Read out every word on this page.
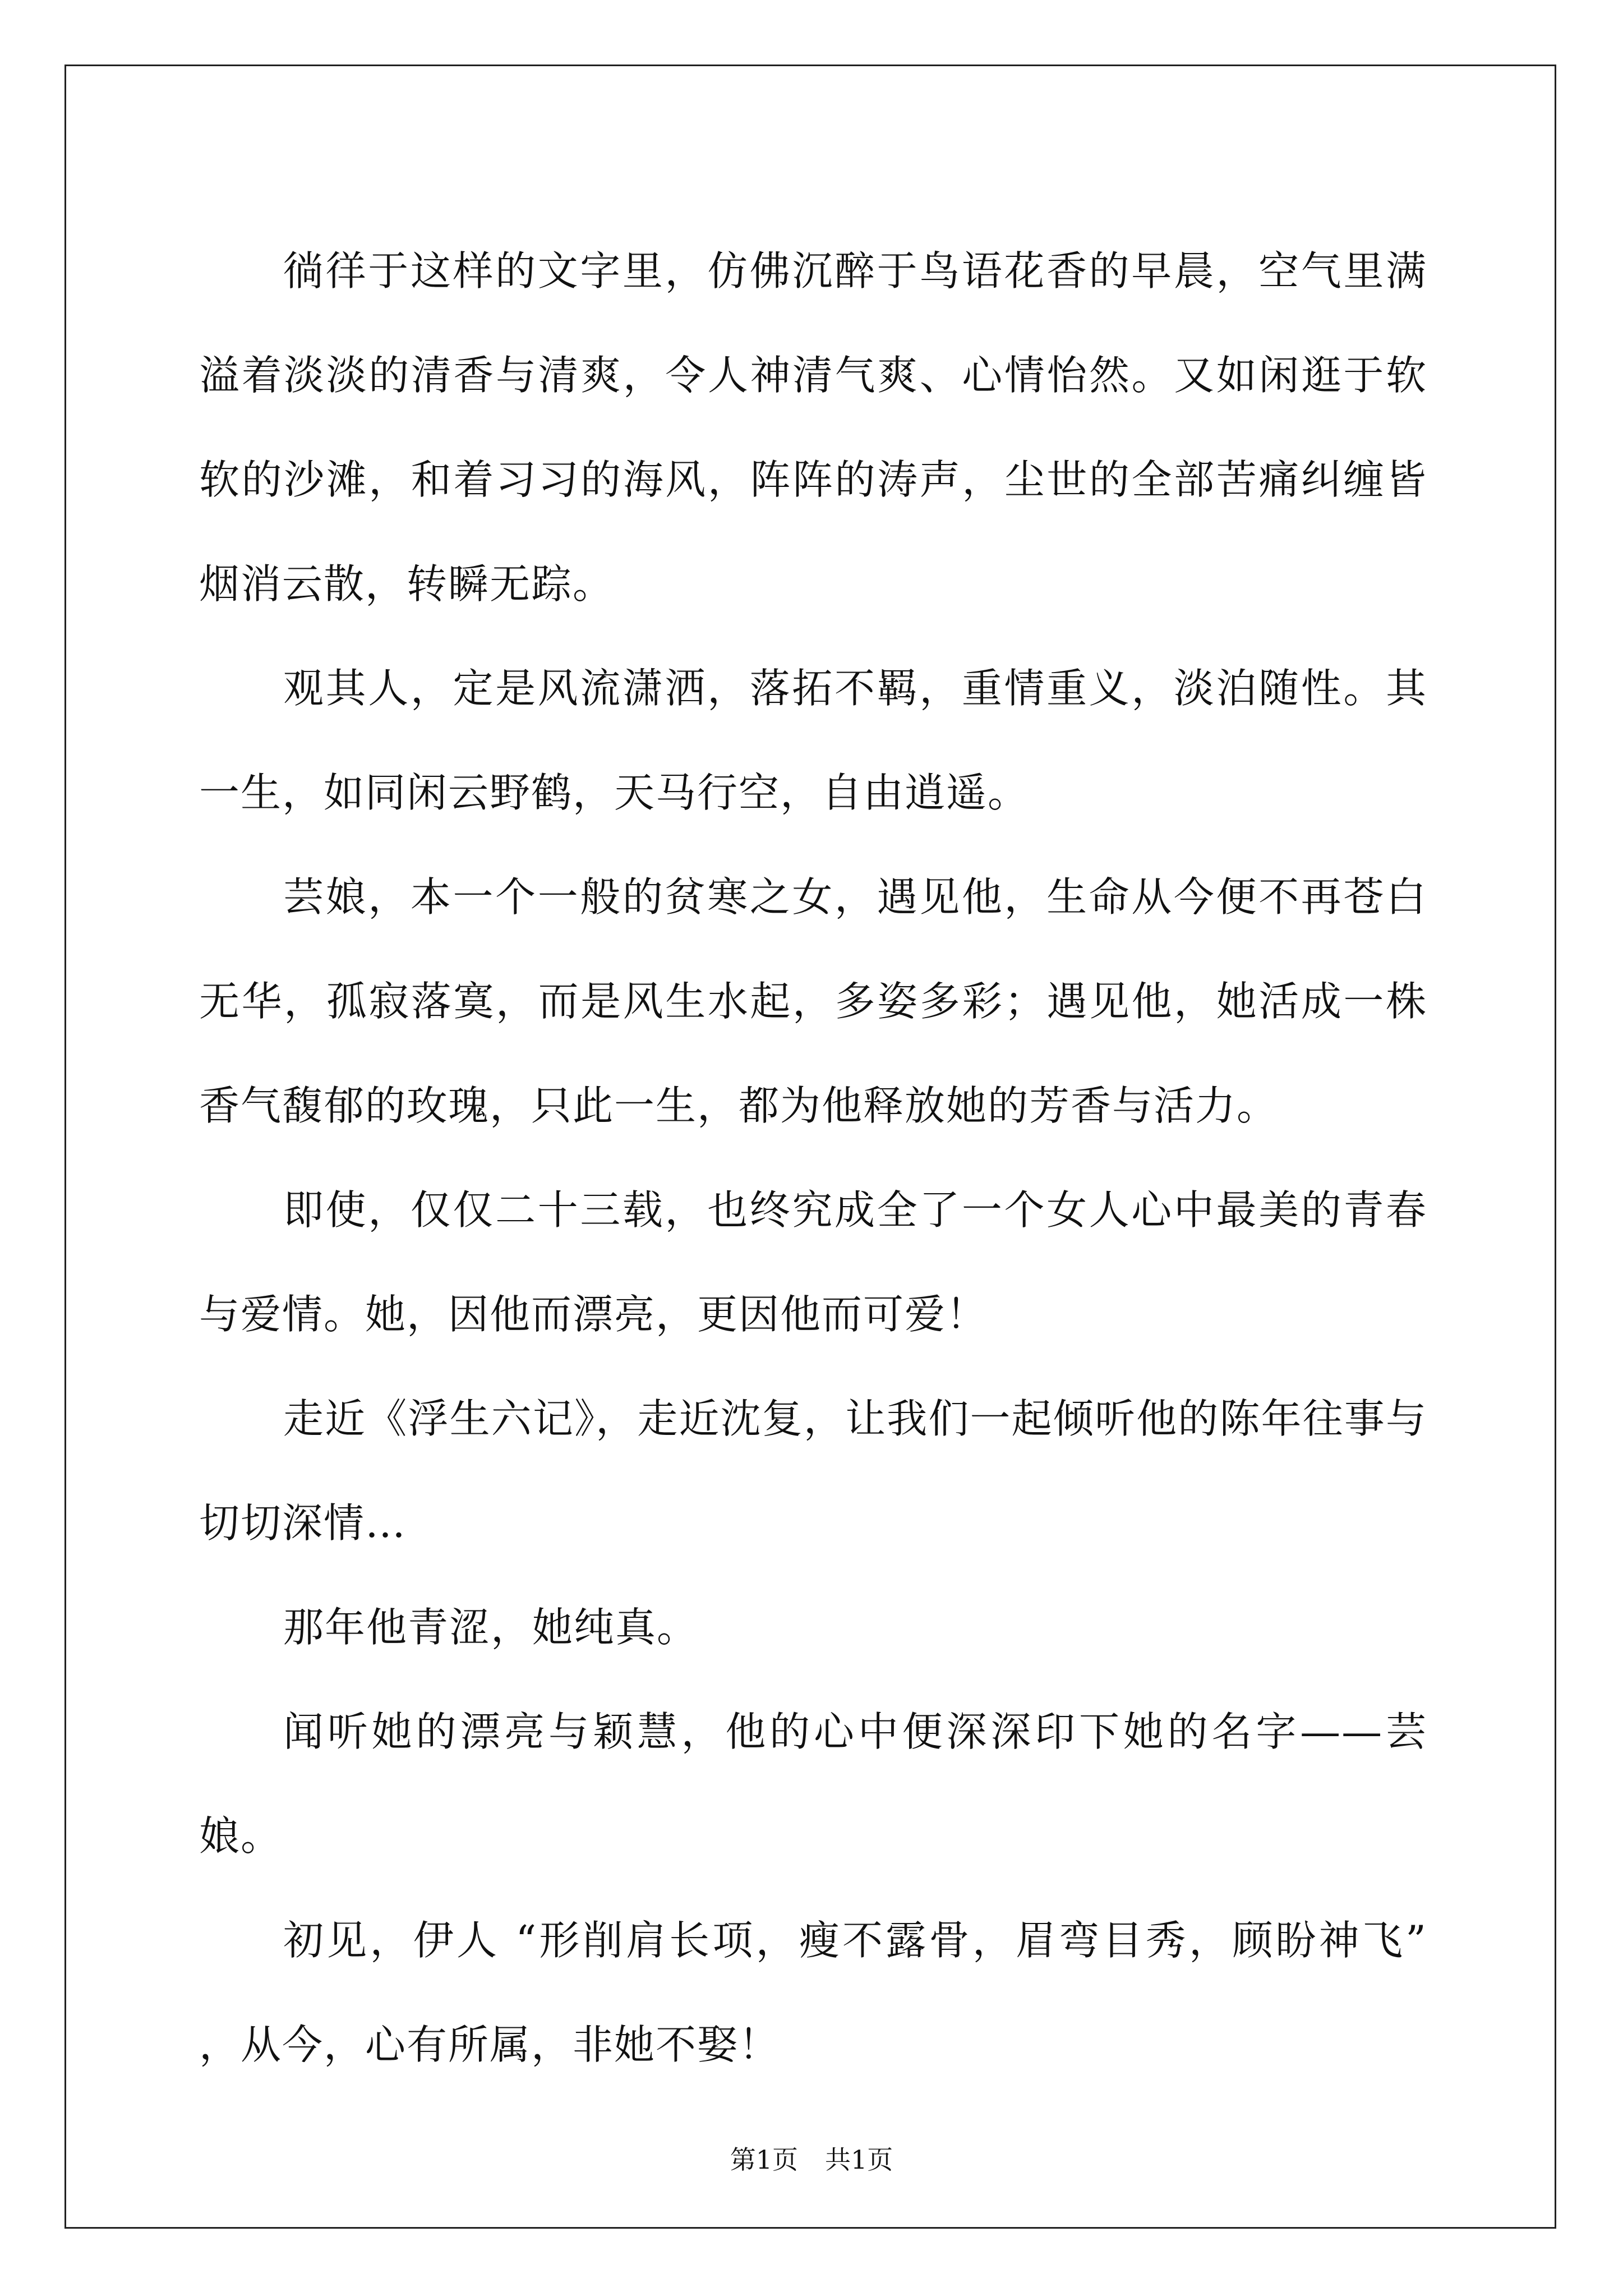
徜徉于这样的文字里，仿佛沉醉于鸟语花香的早晨，空气里满溢着淡淡的清香与清爽，令人神清气爽、心情怡然。又如闲逛于软软的沙滩，和着习习的海风，阵阵的涛声，尘世的全部苦痛纠缠皆烟消云散，转瞬无踪。

观其人，定是风流潇洒，落拓不羁，重情重义，淡泊随性。其一生，如同闲云野鹤，天马行空，自由逍遥。

芸娘，本一个一般的贫寒之女，遇见他，生命从今便不再苍白无华，孤寂落寞，而是风生水起，多姿多彩；遇见他，她活成一株香气馥郁的玫瑰，只此一生，都为他释放她的芳香与活力。

即使，仅仅二十三载，也终究成全了一个女人心中最美的青春与爱情。她，因他而漂亮，更因他而可爱！

走近《浮生六记》，走近沈复，让我们一起倾听他的陈年往事与切切深情…

那年他青涩，她纯真。

闻听她的漂亮与颖慧，他的心中便深深印下她的名字——芸娘。

初见，伊人 “形削肩长项，瘦不露骨，眉弯目秀，顾盼神飞” ，从今，心有所属，非她不娶！

第1页 共1页
